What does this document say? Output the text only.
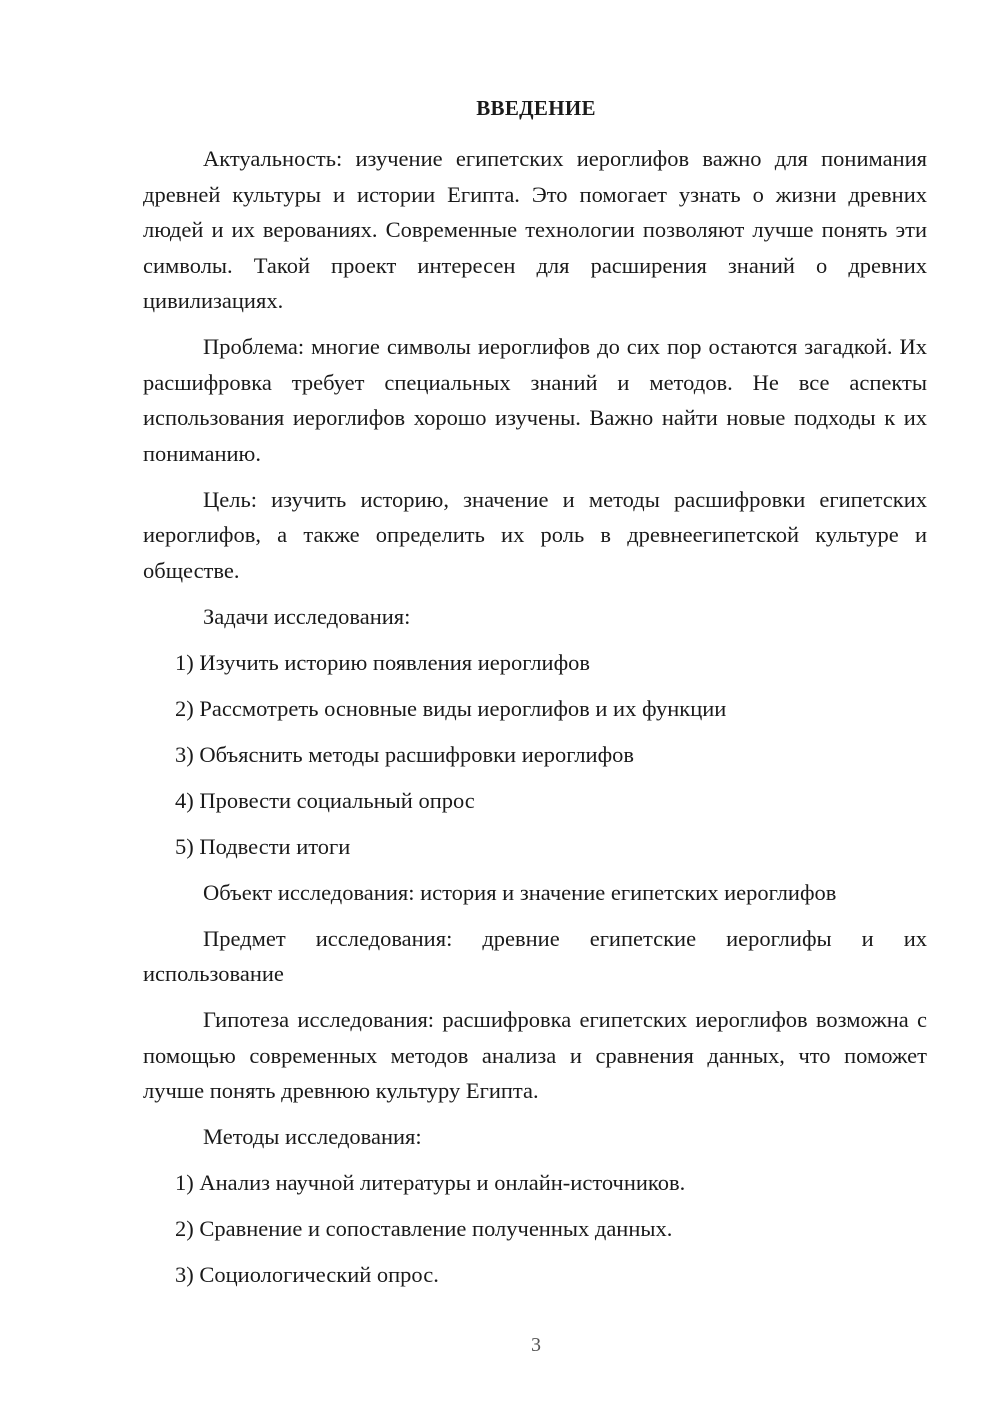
ВВЕДЕНИЕ

Актуальность: изучение египетских иероглифов важно для понимания древней культуры и истории Египта. Это помогает узнать о жизни древних людей и их верованиях. Современные технологии позволяют лучше понять эти символы. Такой проект интересен для расширения знаний о древних цивилизациях.

Проблема: многие символы иероглифов до сих пор остаются загадкой. Их расшифровка требует специальных знаний и методов. Не все аспекты использования иероглифов хорошо изучены. Важно найти новые подходы к их пониманию.

Цель: изучить историю, значение и методы расшифровки египетских иероглифов, а также определить их роль в древнеегипетской культуре и обществе.

Задачи исследования:

1) Изучить историю появления иероглифов

2) Рассмотреть основные виды иероглифов и их функции

3) Объяснить методы расшифровки иероглифов

4) Провести социальный опрос

5) Подвести итоги

Объект исследования: история и значение египетских иероглифов

Предмет исследования: древние египетские иероглифы и их использование

Гипотеза исследования: расшифровка египетских иероглифов возможна с помощью современных методов анализа и сравнения данных, что поможет лучше понять древнюю культуру Египта.

Методы исследования:

1) Анализ научной литературы и онлайн-источников.

2) Сравнение и сопоставление полученных данных.

3) Социологический опрос.

3
